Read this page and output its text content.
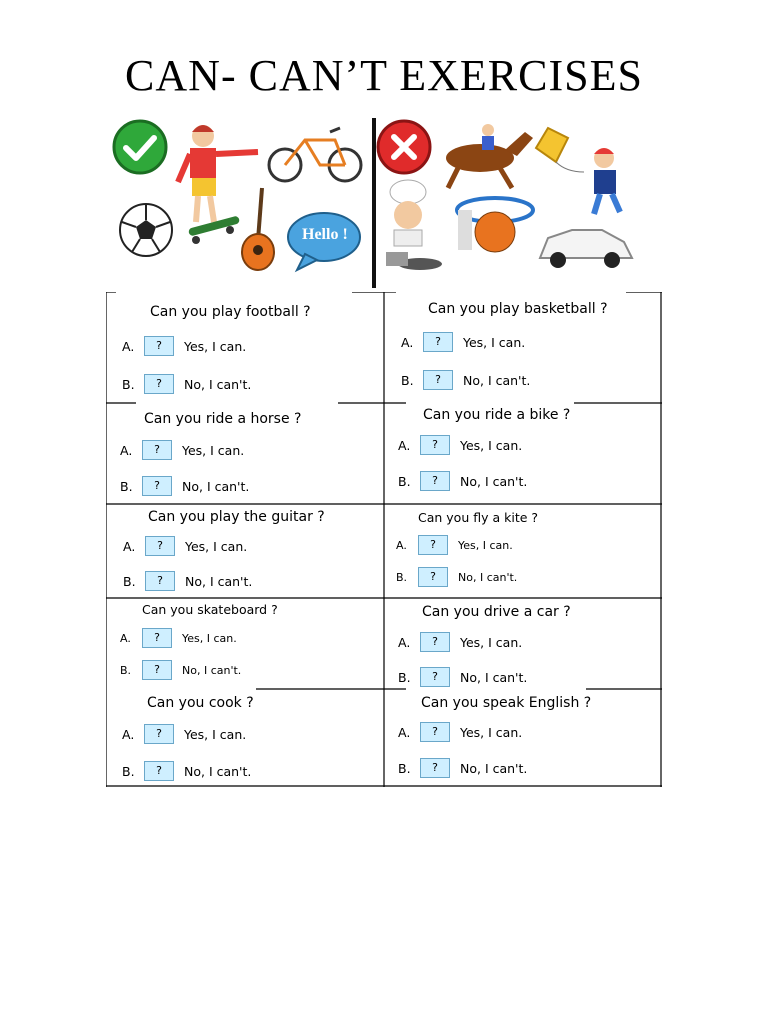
CAN- CAN’T EXERCISES
Hello !
Can you play football ?
A.	?	Yes, I can.
B.	?	No, I can't.
Can you play basketball ?
A.	?	Yes, I can.
B.	?	No, I can't.
Can you ride a horse ?
A.	?	Yes, I can.
B.	?	No, I can't.
Can you ride a bike ?
A.	?	Yes, I can.
B.	?	No, I can't.
Can you play the guitar ?
A.	?	Yes, I can.
B.	?	No, I can't.
Can you fly a kite ?
A.	?	Yes, I can.
B.	?	No, I can't.
Can you skateboard ?
A.	?	Yes, I can.
B.	?	No, I can't.
Can you drive a car ?
A.	?	Yes, I can.
B.	?	No, I can't.
Can you cook ?
A.	?	Yes, I can.
B.	?	No, I can't.
Can you speak English ?
A.	?	Yes, I can.
B.	?	No, I can't.
